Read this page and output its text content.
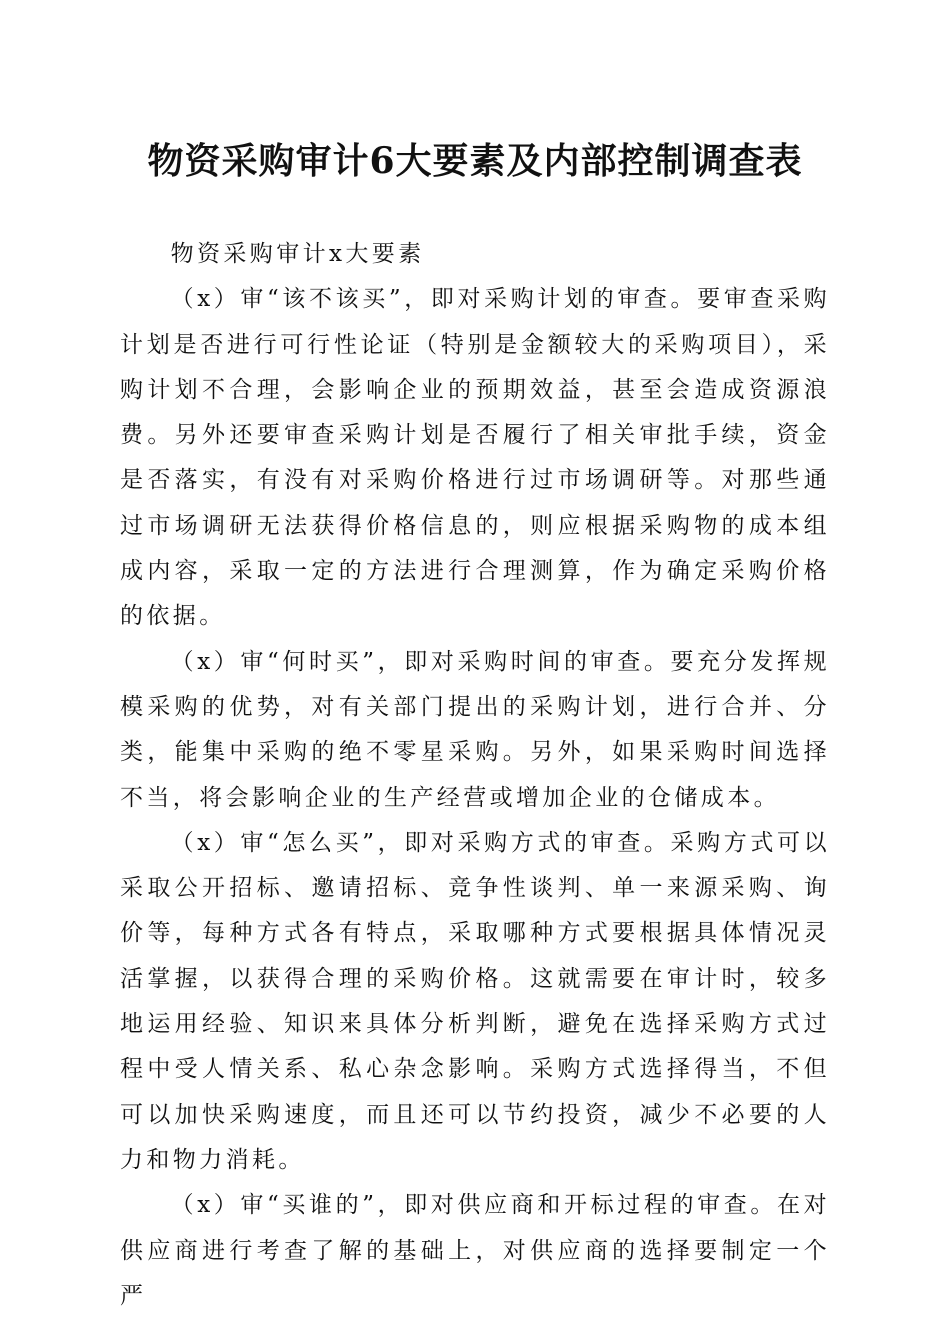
物资采购审计6大要素及内部控制调查表

物资采购审计x大要素

（x）审“该不该买”，即对采购计划的审查。要审查采购计划是否进行可行性论证（特别是金额较大的采购项目），采购计划不合理，会影响企业的预期效益，甚至会造成资源浪费。另外还要审查采购计划是否履行了相关审批手续，资金是否落实，有没有对采购价格进行过市场调研等。对那些通过市场调研无法获得价格信息的，则应根据采购物的成本组成内容，采取一定的方法进行合理测算，作为确定采购价格的依据。

（x）审“何时买”，即对采购时间的审查。要充分发挥规模采购的优势，对有关部门提出的采购计划，进行合并、分类，能集中采购的绝不零星采购。另外，如果采购时间选择不当，将会影响企业的生产经营或增加企业的仓储成本。

（x）审“怎么买”，即对采购方式的审查。采购方式可以采取公开招标、邀请招标、竞争性谈判、单一来源采购、询价等，每种方式各有特点，采取哪种方式要根据具体情况灵活掌握，以获得合理的采购价格。这就需要在审计时，较多地运用经验、知识来具体分析判断，避免在选择采购方式过程中受人情关系、私心杂念影响。采购方式选择得当，不但可以加快采购速度，而且还可以节约投资，减少不必要的人力和物力消耗。

（x）审“买谁的”，即对供应商和开标过程的审查。在对供应商进行考查了解的基础上，对供应商的选择要制定一个严
